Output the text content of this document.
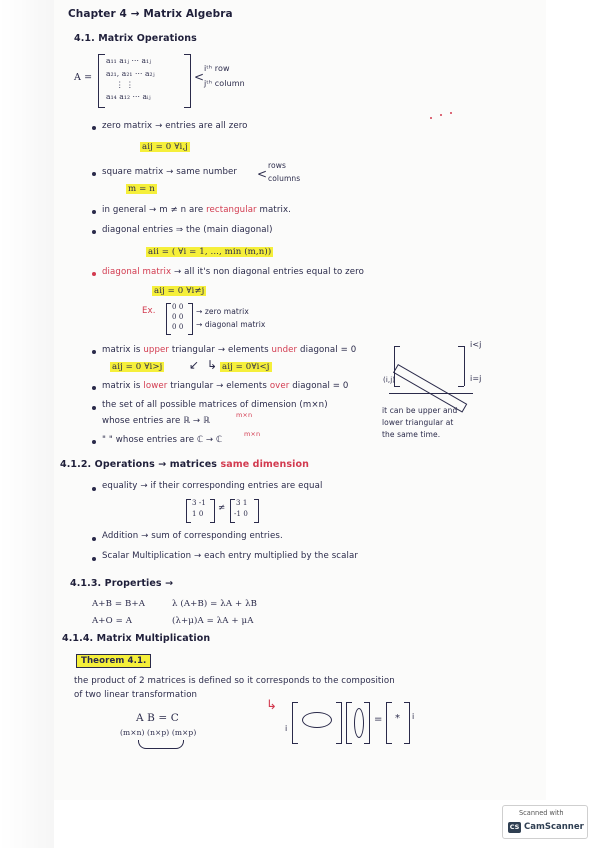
Chapter 4 → Matrix Algebra
4.1. Matrix Operations
A =
a₁₁ a₁ⱼ ··· a₁ⱼ
a₂₁, a₂₁ ··· a₂ⱼ
⋮ ⋮
a₁₄ a₁₂ ··· aᵢⱼ
<
iᵗʰ row
jᵗʰ column
zero matrix → entries are all zero
aij = 0 ∀i,j
square matrix → same number <
rows
columns
m = n
in general → m ≠ n are rectangular matrix.
diagonal entries ⇒ the (main diagonal)
aii = ( ∀i = 1, ..., min (m,n))
diagonal matrix → all it's non diagonal entries equal to zero
aij = 0 ∀i≠j
Ex. 0 0
0 0
0 0
→ zero matrix
→ diagonal matrix
matrix is upper triangular → elements under diagonal = 0
aij = 0 ∀i>j ↙ ↳ aij = 0∀i<j
matrix is lower triangular → elements over diagonal = 0
the set of all possible matrices of dimension (m×n)
whose entries are ℝ → ℝ
m×n
" " whose entries are ℂ → ℂ
m×n
i<j
i=j
(i,j)
it can be upper and
lower triangular at
the same time.
4.1.2. Operations → matrices same dimension
equality → if their corresponding entries are equal
3 -1
1 0
≠ 3 1
-1 0
Addition → sum of corresponding entries.
Scalar Multiplication → each entry multiplied by the scalar
4.1.3. Properties →
A+B = B+A	λ (A+B) = λA + λB
A+O = A	(λ+μ)A = λA + μA
4.1.4. Matrix Multiplication
Theorem 4.1.
the product of 2 matrices is defined so it corresponds to the composition
of two linear transformation
↳
A B = C
(m×n) (n×p) (m×p)	i
= * i
Scanned with
CS CamScanner
